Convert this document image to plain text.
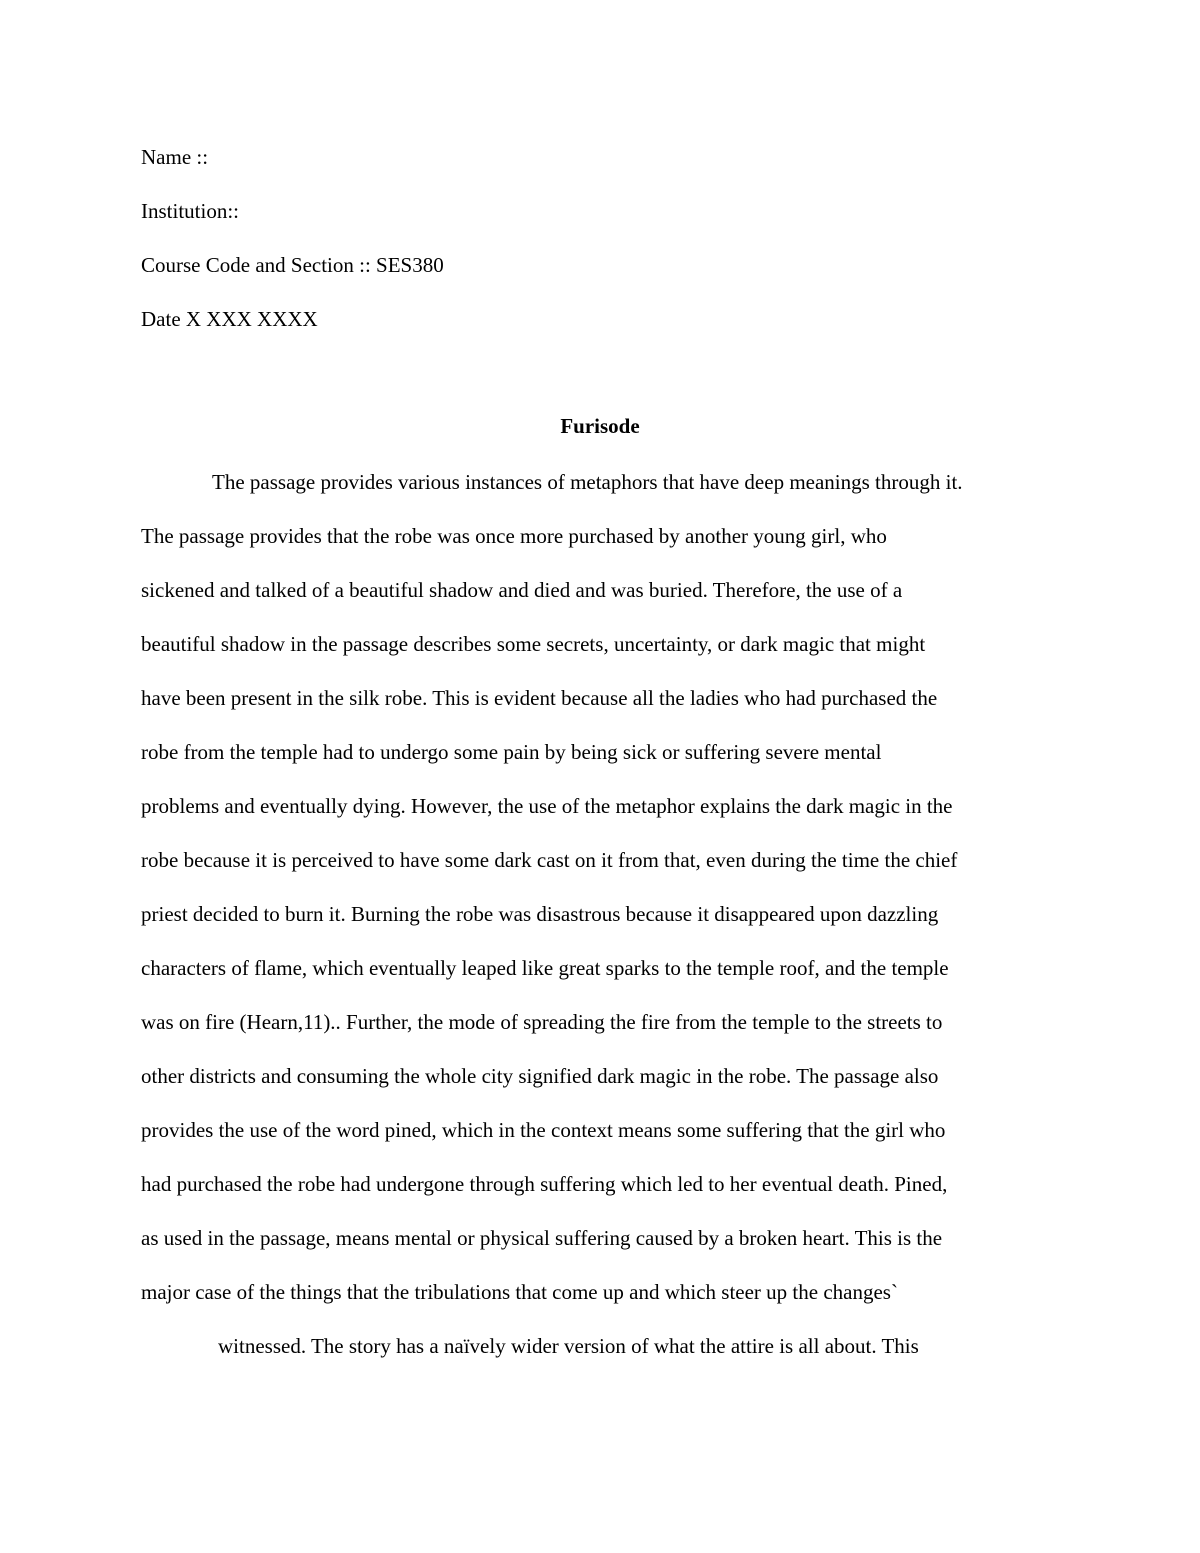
Name ::
Institution::
Course Code and Section :: SES380
Date X XXX XXXX
Furisode
The passage provides various instances of metaphors that have deep meanings through it.
The passage provides that the robe was once more purchased by another young girl, who
sickened and talked of a beautiful shadow and died and was buried. Therefore, the use of a
beautiful shadow in the passage describes some secrets, uncertainty, or dark magic that might
have been present in the silk robe. This is evident because all the ladies who had purchased the
robe from the temple had to undergo some pain by being sick or suffering severe mental
problems and eventually dying. However, the use of the metaphor explains the dark magic in the
robe because it is perceived to have some dark cast on it from that, even during the time the chief
priest decided to burn it. Burning the robe was disastrous because it disappeared upon dazzling
characters of flame, which eventually leaped like great sparks to the temple roof, and the temple
was on fire (Hearn,11).. Further, the mode of spreading the fire from the temple to the streets to
other districts and consuming the whole city signified dark magic in the robe. The passage also
provides the use of the word pined, which in the context means some suffering that the girl who
had purchased the robe had undergone through suffering which led to her eventual death. Pined,
as used in the passage, means mental or physical suffering caused by a broken heart. This is the
major case of the things that the tribulations that come up and which steer up the changes`
witnessed. The story has a naïvely wider version of what the attire is all about. This
